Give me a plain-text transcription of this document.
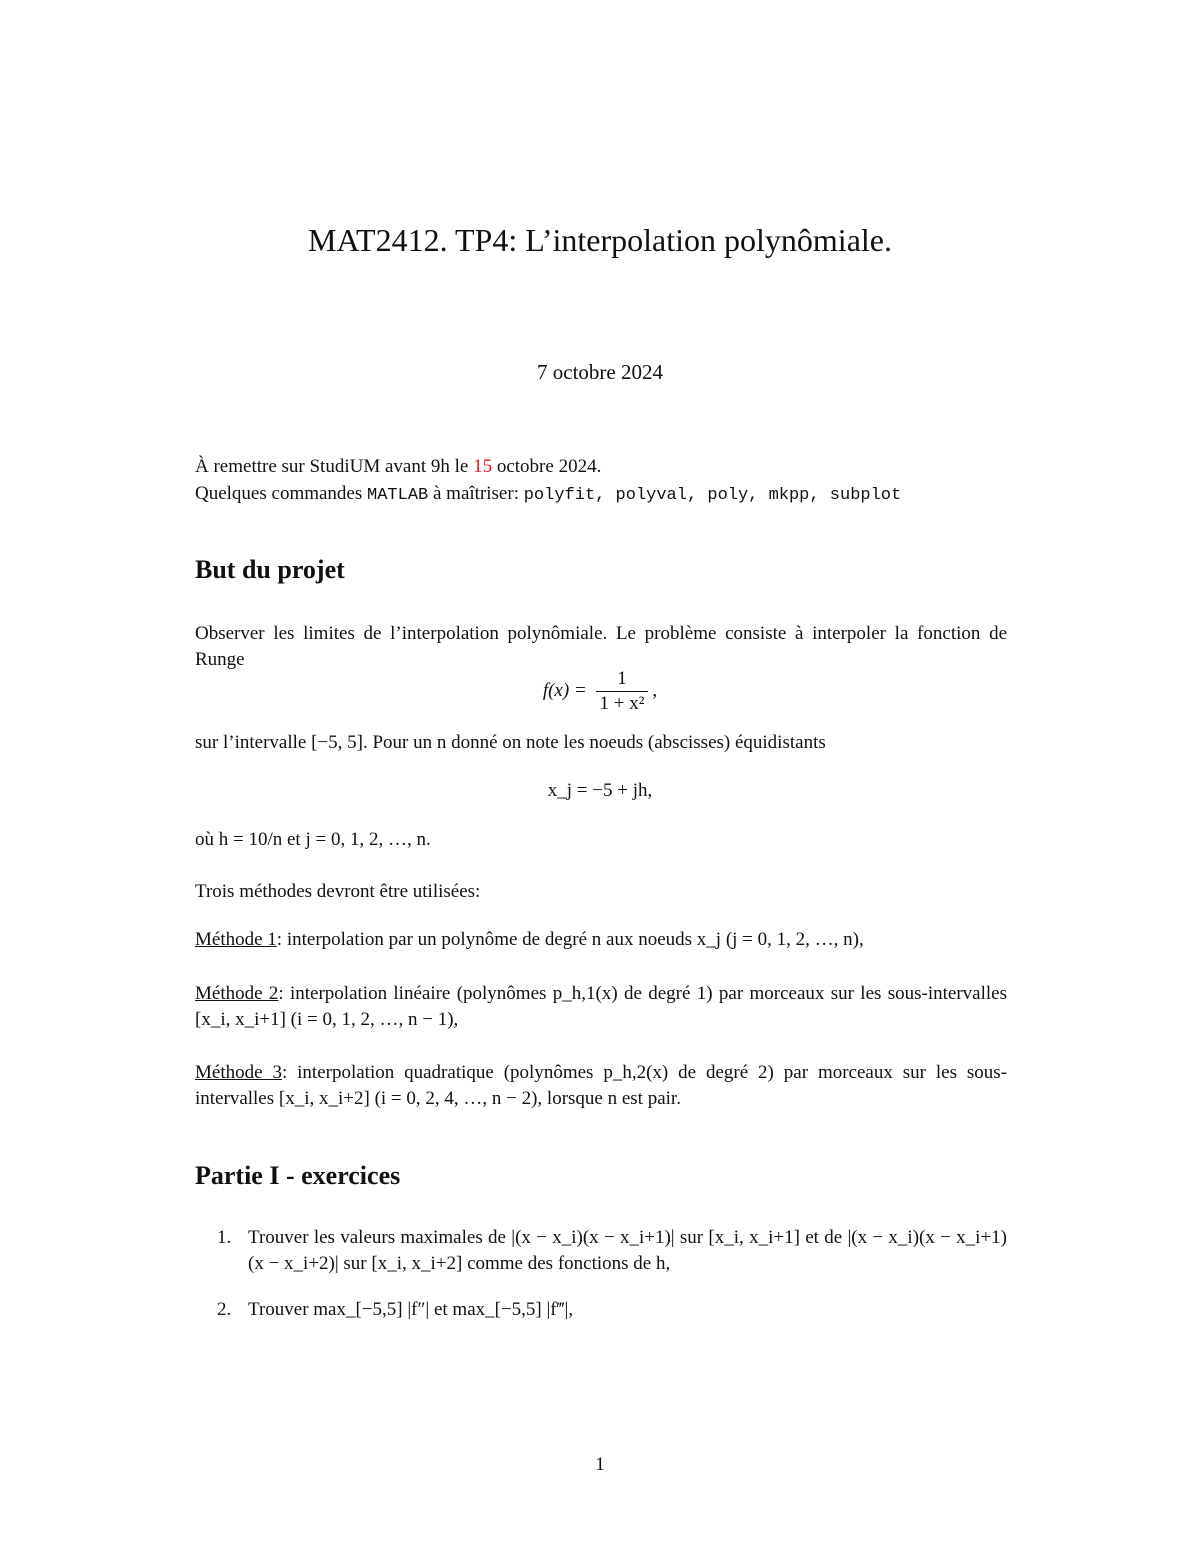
MAT2412. TP4: L’interpolation polynômiale.
7 octobre 2024
À remettre sur StudiUM avant 9h le 15 octobre 2024.
Quelques commandes MATLAB à maîtriser: polyfit, polyval, poly, mkpp, subplot
But du projet
Observer les limites de l’interpolation polynômiale. Le problème consiste à interpoler la fonction de Runge
$f(x) = \frac{1}{\text{1 + x²}}$ ,
sur l’intervalle [−5, 5]. Pour un n donné on note les noeuds (abscisses) équidistants
x_j = −5 + jh,
où h = 10/n et j = 0, 1, 2, …, n.
Trois méthodes devront être utilisées:
Méthode 1: interpolation par un polynôme de degré n aux noeuds x_j (j = 0, 1, 2, …, n),
Méthode 2: interpolation linéaire (polynômes p_h,1(x) de degré 1) par morceaux sur les sous-intervalles [x_i, x_i+1] (i = 0, 1, 2, …, n − 1),
Méthode 3: interpolation quadratique (polynômes p_h,2(x) de degré 2) par morceaux sur les sous-intervalles [x_i, x_i+2] (i = 0, 2, 4, …, n − 2), lorsque n est pair.
Partie I - exercices
1. Trouver les valeurs maximales de |(x − x_i)(x − x_i+1)| sur [x_i, x_i+1] et de |(x − x_i)(x − x_i+1)(x − x_i+2)| sur [x_i, x_i+2] comme des fonctions de h,
2. Trouver max_[−5,5] |f″| et max_[−5,5] |f‴|,
1
